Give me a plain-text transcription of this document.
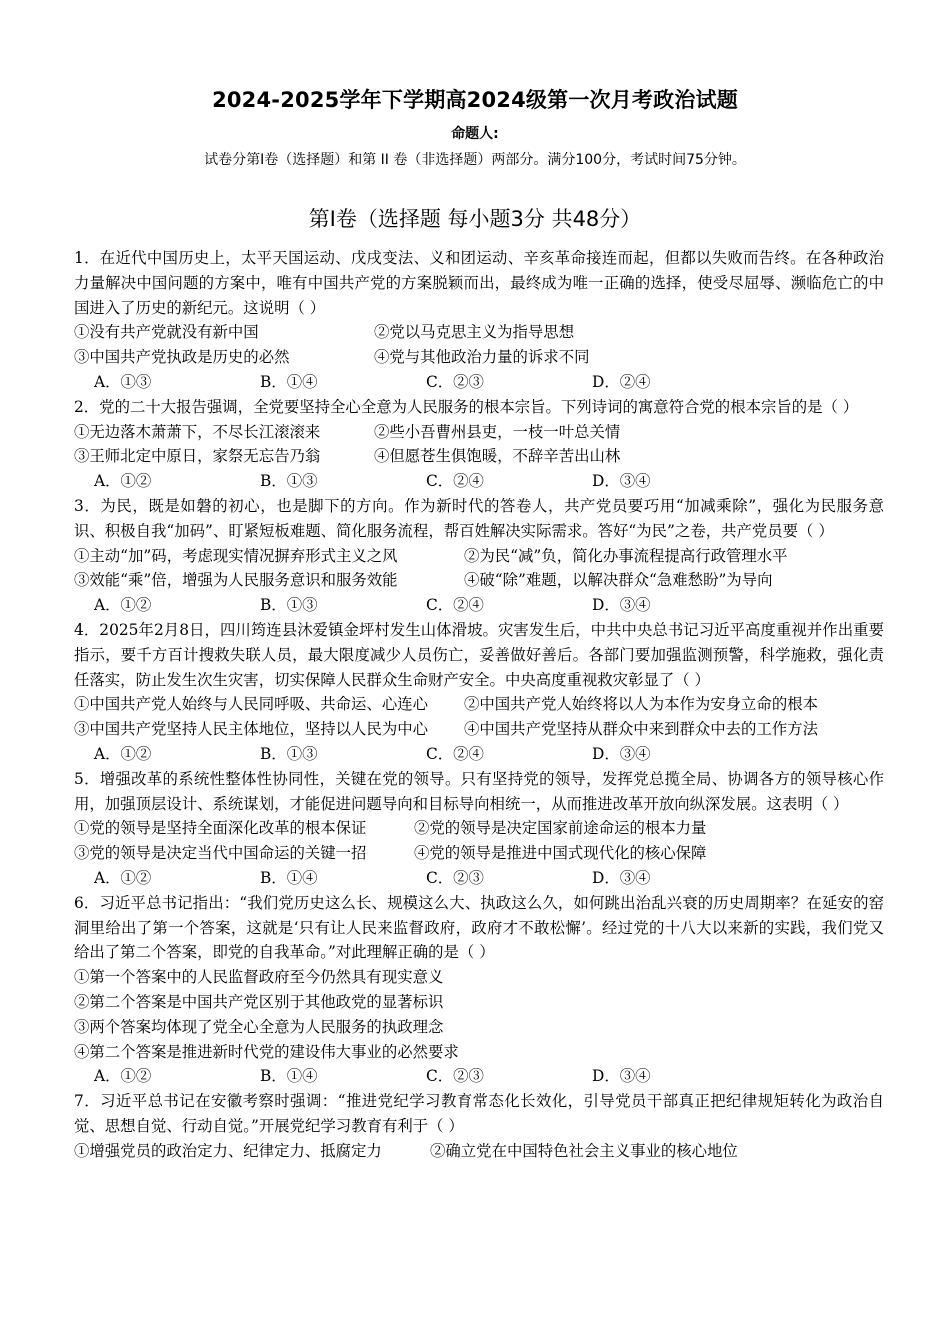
2024-2025学年下学期高2024级第一次月考政治试题
命题人:
试卷分第Ⅰ卷（选择题）和第 II 卷（非选择题）两部分。满分100分，考试时间75分钟。
第Ⅰ卷（选择题 每小题3分 共48分）
1．在近代中国历史上，太平天国运动、戊戌变法、义和团运动、辛亥革命接连而起，但都以失败而告终。在各种政治力量解决中国问题的方案中，唯有中国共产党的方案脱颖而出，最终成为唯一正确的选择，使受尽屈辱、濒临危亡的中国进入了历史的新纪元。这说明（ ）
①没有共产党就没有新中国	②党以马克思主义为指导思想
③中国共产党执政是历史的必然	④党与其他政治力量的诉求不同
A．①③	B．①④	C．②③	D．②④
2．党的二十大报告强调，全党要坚持全心全意为人民服务的根本宗旨。下列诗词的寓意符合党的根本宗旨的是（ ）
①无边落木萧萧下，不尽长江滚滚来	②些小吾曹州县吏，一枝一叶总关情
③王师北定中原日，家祭无忘告乃翁	④但愿苍生俱饱暖，不辞辛苦出山林
A．①②	B．①③	C．②④	D．③④
3．为民，既是如磐的初心，也是脚下的方向。作为新时代的答卷人，共产党员要巧用“加减乘除”，强化为民服务意识、积极自我“加码”、盯紧短板难题、简化服务流程，帮百姓解决实际需求。答好“为民”之卷，共产党员要（ ）
①主动“加”码，考虑现实情况摒弃形式主义之风	②为民“减”负，简化办事流程提高行政管理水平
③效能“乘”倍，增强为人民服务意识和服务效能	④破“除”难题，以解决群众“急难愁盼”为导向
A．①②	B．①③	C．②④	D．③④
4．2025年2月8日，四川筠连县沐爱镇金坪村发生山体滑坡。灾害发生后，中共中央总书记习近平高度重视并作出重要指示，要千方百计搜救失联人员，最大限度减少人员伤亡，妥善做好善后。各部门要加强监测预警，科学施救，强化责任落实，防止发生次生灾害，切实保障人民群众生命财产安全。中央高度重视救灾彰显了（ ）
①中国共产党人始终与人民同呼吸、共命运、心连心	②中国共产党人始终将以人为本作为安身立命的根本
③中国共产党坚持人民主体地位，坚持以人民为中心	④中国共产党坚持从群众中来到群众中去的工作方法
A．①②	B．①③	C．②④	D．③④
5．增强改革的系统性整体性协同性，关键在党的领导。只有坚持党的领导，发挥党总揽全局、协调各方的领导核心作用，加强顶层设计、系统谋划，才能促进问题导向和目标导向相统一，从而推进改革开放向纵深发展。这表明（ ）
①党的领导是坚持全面深化改革的根本保证	②党的领导是决定国家前途命运的根本力量
③党的领导是决定当代中国命运的关键一招	④党的领导是推进中国式现代化的核心保障
A．①②	B．①④	C．②③	D．③④
6．习近平总书记指出：“我们党历史这么长、规模这么大、执政这么久，如何跳出治乱兴衰的历史周期率？在延安的窑洞里给出了第一个答案，这就是‘只有让人民来监督政府，政府才不敢松懈’。经过党的十八大以来新的实践，我们党又给出了第二个答案，即党的自我革命。”对此理解正确的是（ ）
①第一个答案中的人民监督政府至今仍然具有现实意义
②第二个答案是中国共产党区别于其他政党的显著标识
③两个答案均体现了党全心全意为人民服务的执政理念
④第二个答案是推进新时代党的建设伟大事业的必然要求
A．①②	B．①④	C．②③	D．③④
7．习近平总书记在安徽考察时强调：“推进党纪学习教育常态化长效化，引导党员干部真正把纪律规矩转化为政治自觉、思想自觉、行动自觉。”开展党纪学习教育有利于（ ）
①增强党员的政治定力、纪律定力、抵腐定力	②确立党在中国特色社会主义事业的核心地位
